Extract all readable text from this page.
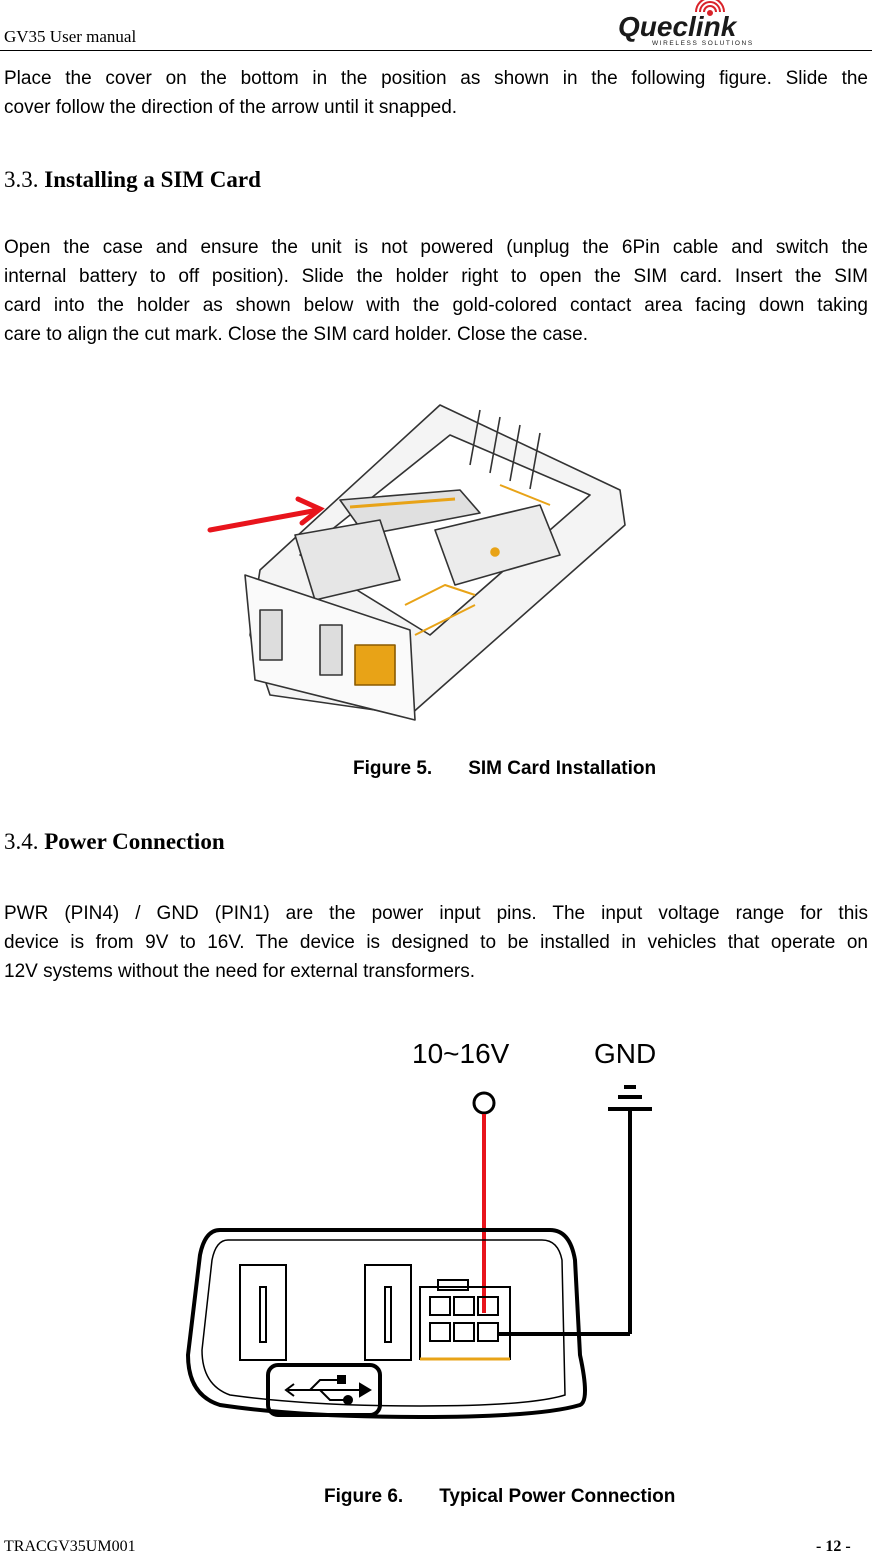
GV35 User manual	Queclink
WIRELESS SOLUTIONS
Place the cover on the bottom in the position as shown in the following figure. Slide the
cover follow the direction of the arrow until it snapped.
3.3. Installing a SIM Card
Open the case and ensure the unit is not powered (unplug the 6Pin cable and switch the
internal battery to off position). Slide the holder right to open the SIM card. Insert the SIM
card into the holder as shown below with the gold-colored contact area facing down taking
care to align the cut mark. Close the SIM card holder. Close the case.
Figure 5. SIM Card Installation
3.4. Power Connection
PWR (PIN4) / GND (PIN1) are the power input pins. The input voltage range for this
device is from 9V to 16V. The device is designed to be installed in vehicles that operate on
12V systems without the need for external transformers.
10~16V	GND
Figure 6. Typical Power Connection
TRACGV35UM001	- 12 -
